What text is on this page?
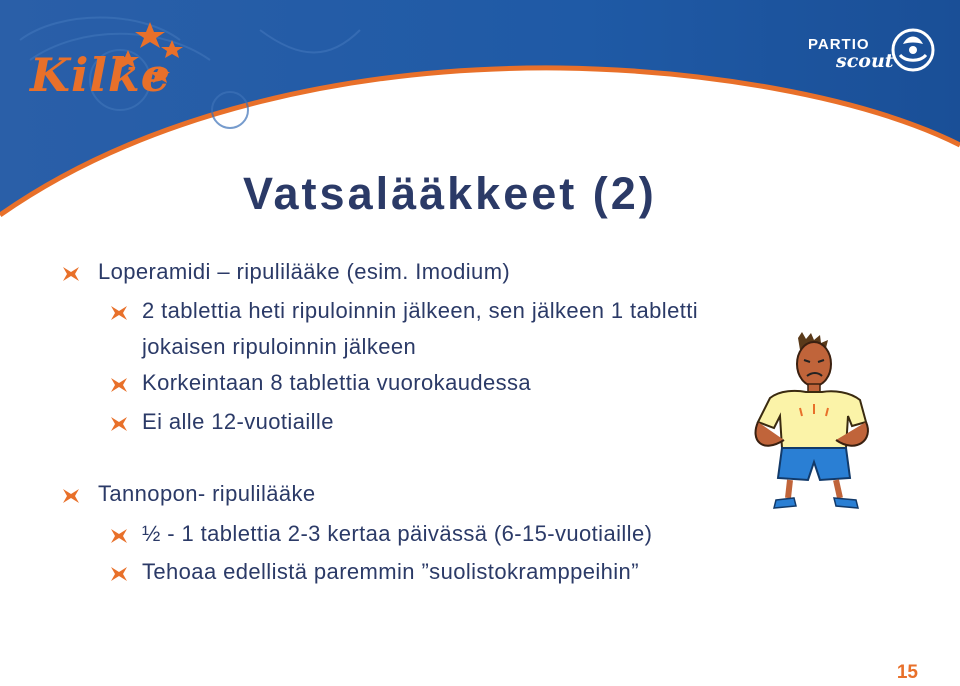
Kilke
PARTIO
scout
Vatsalääkkeet (2)
Loperamidi – ripulilääke (esim. Imodium)
2 tablettia heti ripuloinnin jälkeen, sen jälkeen 1 tabletti
jokaisen ripuloinnin jälkeen
Korkeintaan 8 tablettia vuorokaudessa
Ei alle 12-vuotiaille
Tannopon- ripulilääke
½ - 1 tablettia 2-3 kertaa päivässä (6-15-vuotiaille)
Tehoaa edellistä paremmin ”suolistokramppeihin”
15
